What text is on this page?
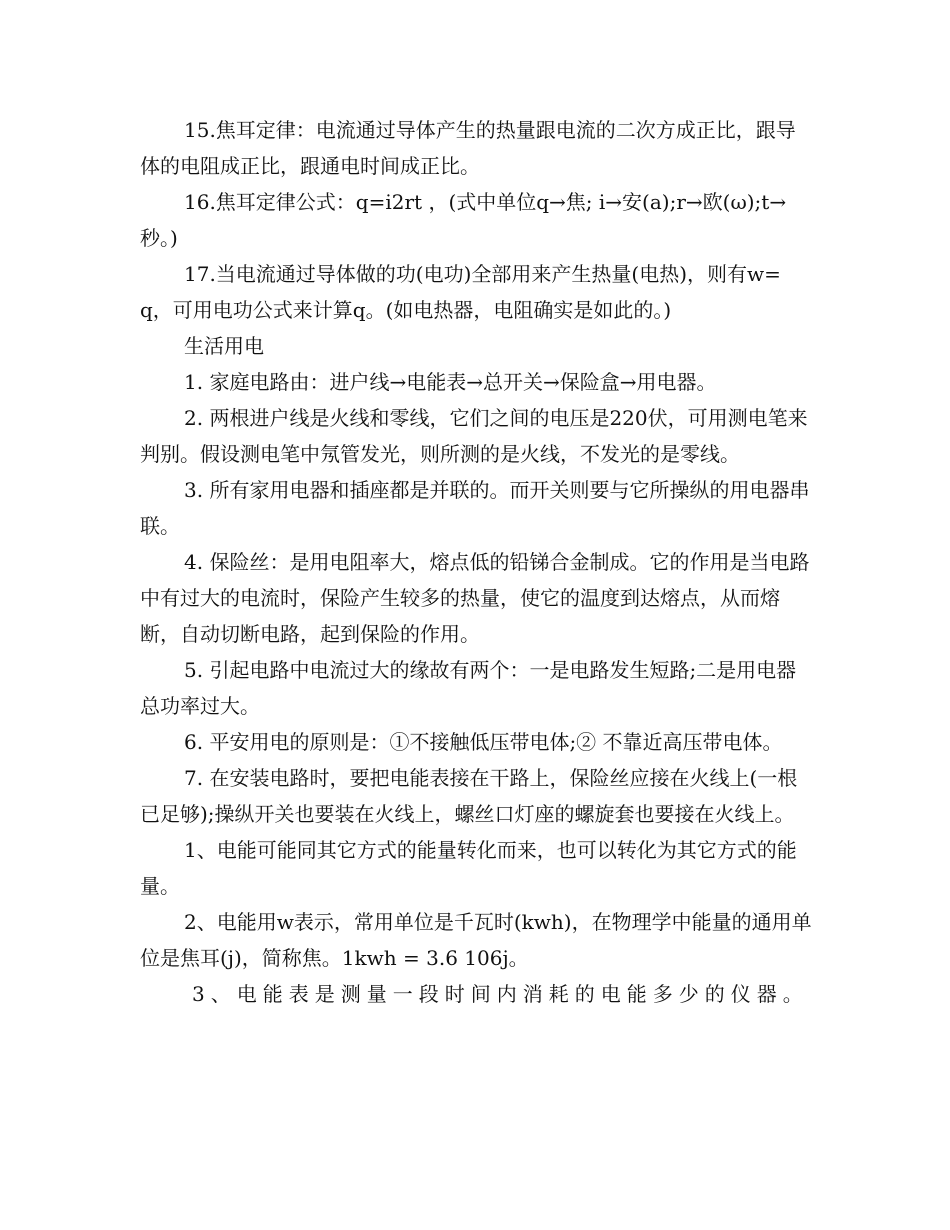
15.焦耳定律：电流通过导体产生的热量跟电流的二次方成正比，跟导体的电阻成正比，跟通电时间成正比。

16.焦耳定律公式：q=i2rt ，(式中单位q→焦; i→安(a);r→欧(ω);t→秒。)

17.当电流通过导体做的功(电功)全部用来产生热量(电热)，则有w=q，可用电功公式来计算q。(如电热器，电阻确实是如此的。)

生活用电

1. 家庭电路由：进户线→电能表→总开关→保险盒→用电器。

2. 两根进户线是火线和零线，它们之间的电压是220伏，可用测电笔来判别。假设测电笔中氖管发光，则所测的是火线，不发光的是零线。

3. 所有家用电器和插座都是并联的。而开关则要与它所操纵的用电器串联。

4. 保险丝：是用电阻率大，熔点低的铅锑合金制成。它的作用是当电路中有过大的电流时，保险产生较多的热量，使它的温度到达熔点，从而熔断，自动切断电路，起到保险的作用。

5. 引起电路中电流过大的缘故有两个：一是电路发生短路;二是用电器总功率过大。

6. 平安用电的原则是：①不接触低压带电体;② 不靠近高压带电体。

7. 在安装电路时，要把电能表接在干路上，保险丝应接在火线上(一根已足够);操纵开关也要装在火线上，螺丝口灯座的螺旋套也要接在火线上。

1、电能可能同其它方式的能量转化而来，也可以转化为其它方式的能量。

2、电能用w表示，常用单位是千瓦时(kwh)，在物理学中能量的通用单位是焦耳(j)，简称焦。1kwh = 3.6 106j。

3、电能表是测量一段时间内消耗的电能多少的仪器。
